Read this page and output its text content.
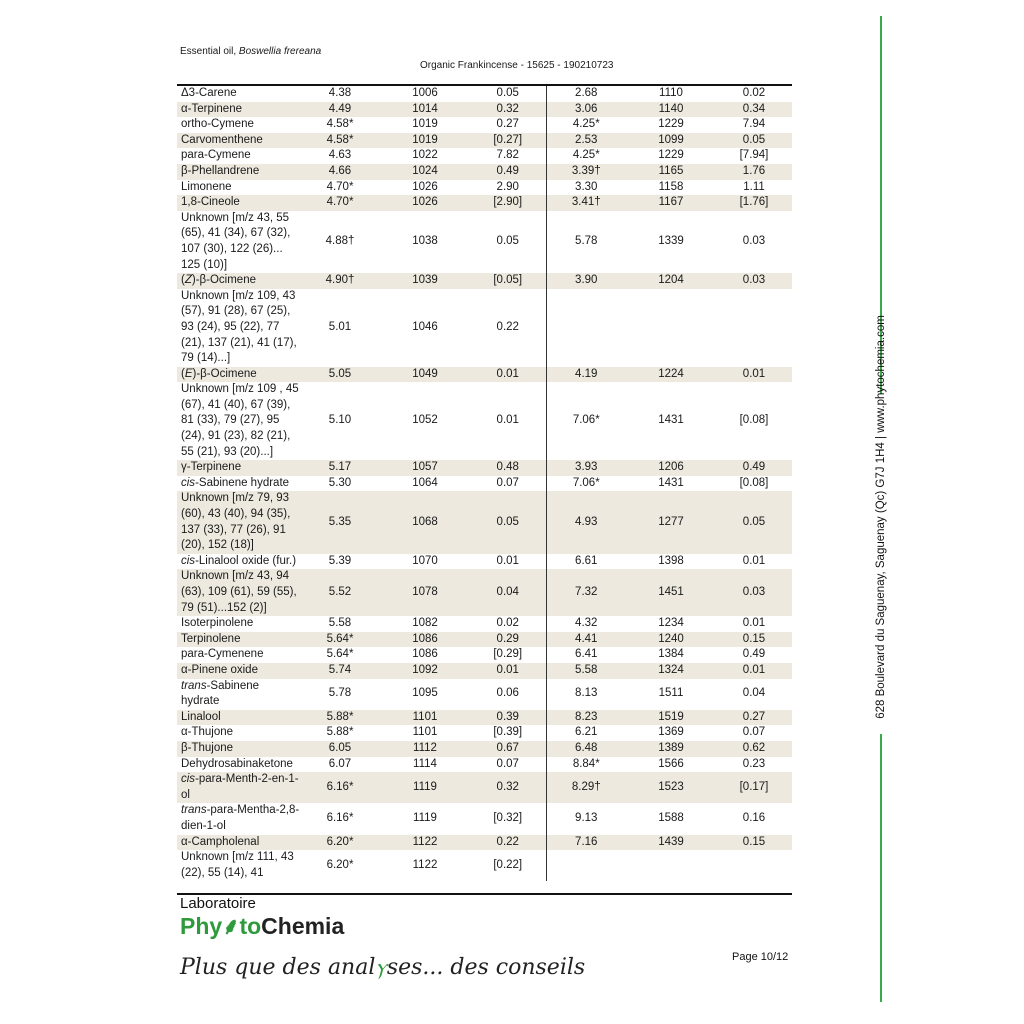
Essential oil, Boswellia frereana
Organic Frankincense - 15625 - 190210723
Δ3-Carene	4.38	1006	0.05	2.68	1110	0.02
α-Terpinene	4.49	1014	0.32	3.06	1140	0.34
ortho-Cymene	4.58*	1019	0.27	4.25*	1229	7.94
Carvomenthene	4.58*	1019	[0.27]	2.53	1099	0.05
para-Cymene	4.63	1022	7.82	4.25*	1229	[7.94]
β-Phellandrene	4.66	1024	0.49	3.39†	1165	1.76
Limonene	4.70*	1026	2.90	3.30	1158	1.11
1,8-Cineole	4.70*	1026	[2.90]	3.41†	1167	[1.76]
Unknown [m/z 43, 55 (65), 41 (34), 67 (32), 107 (30), 122 (26)... 125 (10)]	4.88†	1038	0.05	5.78	1339	0.03
(Z)-β-Ocimene	4.90†	1039	[0.05]	3.90	1204	0.03
Unknown [m/z 109, 43 (57), 91 (28), 67 (25), 93 (24), 95 (22), 77 (21), 137 (21), 41 (17), 79 (14)...]	5.01	1046	0.22			
(E)-β-Ocimene	5.05	1049	0.01	4.19	1224	0.01
Unknown [m/z 109 , 45 (67), 41 (40), 67 (39), 81 (33), 79 (27), 95 (24), 91 (23), 82 (21), 55 (21), 93 (20)...]	5.10	1052	0.01	7.06*	1431	[0.08]
γ-Terpinene	5.17	1057	0.48	3.93	1206	0.49
cis-Sabinene hydrate	5.30	1064	0.07	7.06*	1431	[0.08]
Unknown [m/z 79, 93 (60), 43 (40), 94 (35), 137 (33), 77 (26), 91 (20), 152 (18)]	5.35	1068	0.05	4.93	1277	0.05
cis-Linalool oxide (fur.)	5.39	1070	0.01	6.61	1398	0.01
Unknown [m/z 43, 94 (63), 109 (61), 59 (55), 79 (51)...152 (2)]	5.52	1078	0.04	7.32	1451	0.03
Isoterpinolene	5.58	1082	0.02	4.32	1234	0.01
Terpinolene	5.64*	1086	0.29	4.41	1240	0.15
para-Cymenene	5.64*	1086	[0.29]	6.41	1384	0.49
α-Pinene oxide	5.74	1092	0.01	5.58	1324	0.01
trans-Sabinene hydrate	5.78	1095	0.06	8.13	1511	0.04
Linalool	5.88*	1101	0.39	8.23	1519	0.27
α-Thujone	5.88*	1101	[0.39]	6.21	1369	0.07
β-Thujone	6.05	1112	0.67	6.48	1389	0.62
Dehydrosabinaketone	6.07	1114	0.07	8.84*	1566	0.23
cis-para-Menth-2-en-1-ol	6.16*	1119	0.32	8.29†	1523	[0.17]
trans-para-Mentha-2,8-dien-1-ol	6.16*	1119	[0.32]	9.13	1588	0.16
α-Campholenal	6.20*	1122	0.22	7.16	1439	0.15
Unknown [m/z 111, 43 (22), 55 (14), 41	6.20*	1122	[0.22]			
Laboratoire
Phy⸙toChemia
Plus que des analⲩses... des conseils	Page 10/12
628 Boulevard du Saguenay, Saguenay (Qc) G7J 1H4 | www.phytochemia.com
